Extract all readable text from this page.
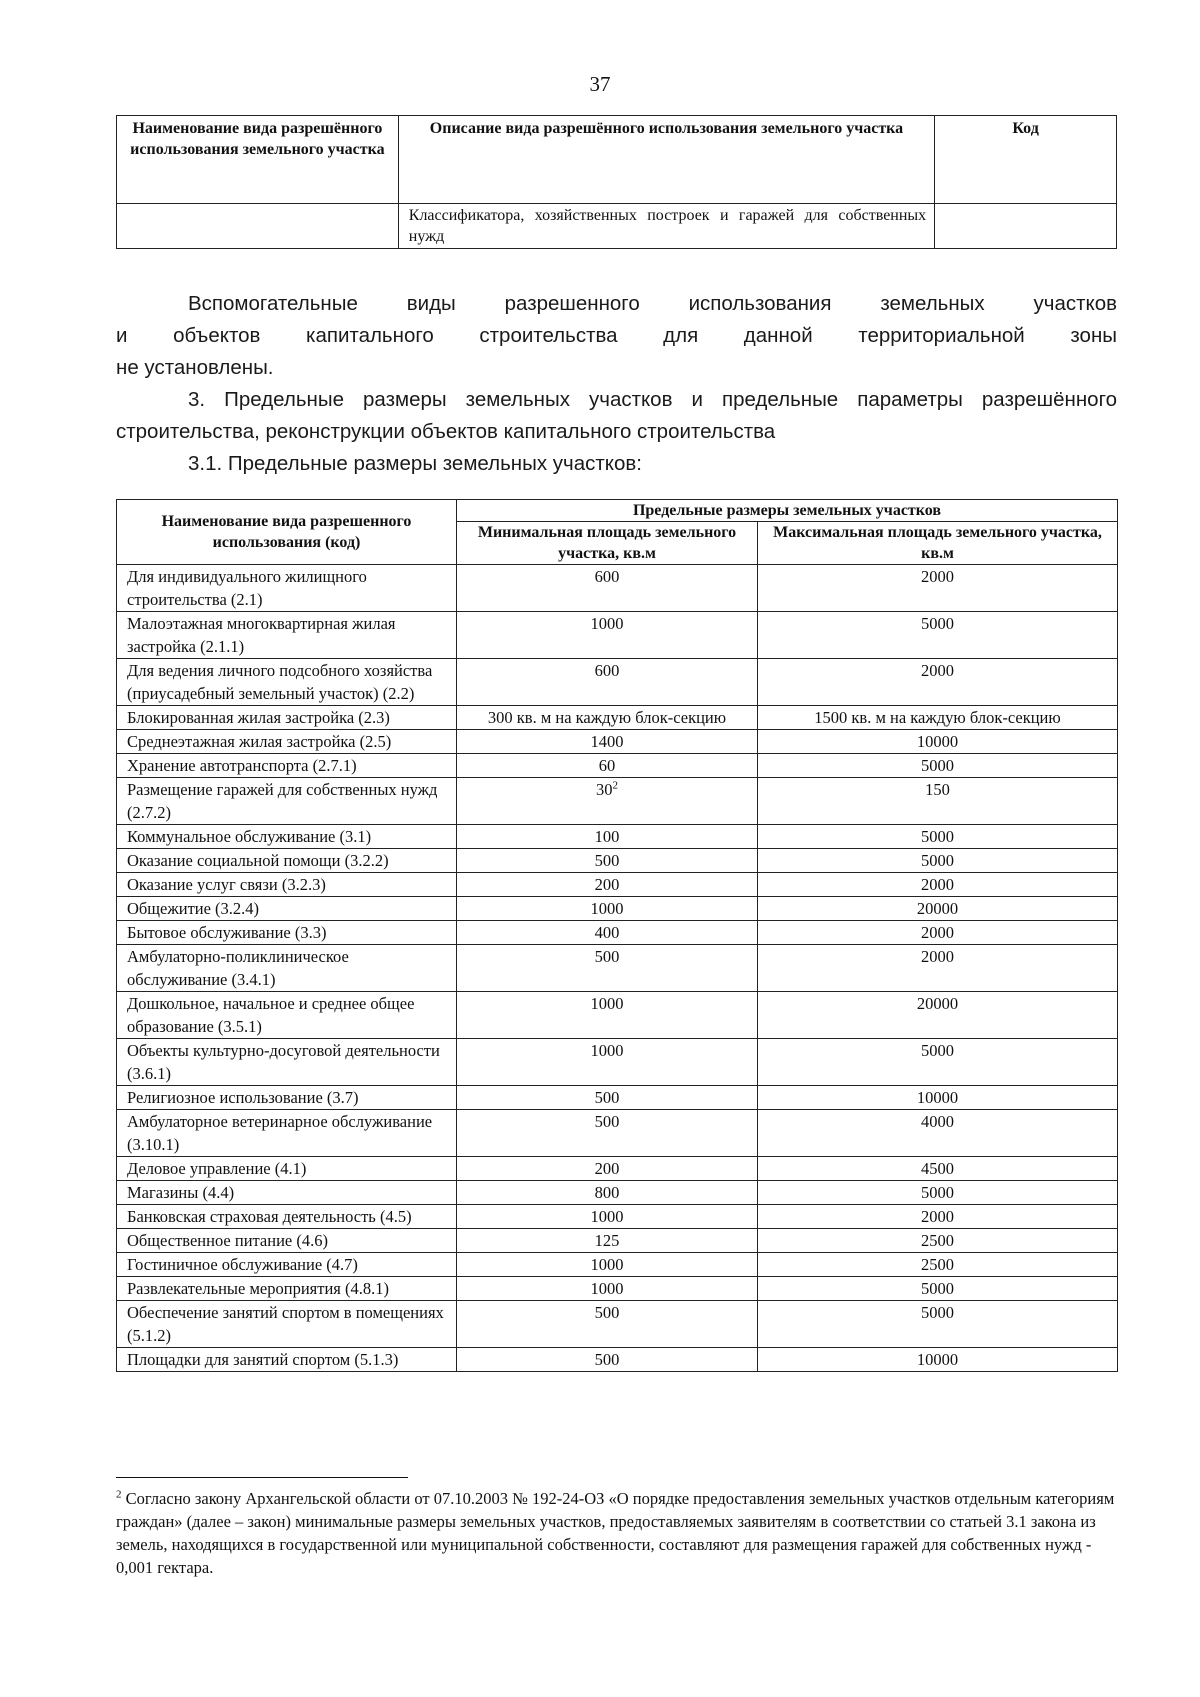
37
Наименование вида разрешённого использования земельного участка	Описание вида разрешённого использования земельного участка	Код
	Классификатора, хозяйственных построек и гаражей для собственных нужд	

Вспомогательные виды разрешенного использования земельных участков
и объектов капитального строительства для данной территориальной зоны
не установлены.

3. Предельные размеры земельных участков и предельные параметры разрешённого строительства, реконструкции объектов капитального строительства

3.1. Предельные размеры земельных участков:

Наименование вида разрешенного использования (код)	Предельные размеры земельных участков	
	Минимальная площадь земельного участка, кв.м	Максимальная площадь земельного участка, кв.м
Для индивидуального жилищного строительства (2.1)	600	2000
Малоэтажная многоквартирная жилая застройка (2.1.1)	1000	5000
Для ведения личного подсобного хозяйства (приусадебный земельный участок) (2.2)	600	2000
Блокированная жилая застройка (2.3)	300 кв. м на каждую блок-секцию	1500 кв. м на каждую блок-секцию
Среднеэтажная жилая застройка (2.5)	1400	10000
Хранение автотранспорта (2.7.1)	60	5000
Размещение гаражей для собственных нужд (2.7.2)	$30^2$	150
Коммунальное обслуживание (3.1)	100	5000
Оказание социальной помощи (3.2.2)	500	5000
Оказание услуг связи (3.2.3)	200	2000
Общежитие (3.2.4)	1000	20000
Бытовое обслуживание (3.3)	400	2000
Амбулаторно-поликлиническое обслуживание (3.4.1)	500	2000
Дошкольное, начальное и среднее общее образование (3.5.1)	1000	20000
Объекты культурно-досуговой деятельности (3.6.1)	1000	5000
Религиозное использование (3.7)	500	10000
Амбулаторное ветеринарное обслуживание (3.10.1)	500	4000
Деловое управление (4.1)	200	4500
Магазины (4.4)	800	5000
Банковская страховая деятельность (4.5)	1000	2000
Общественное питание (4.6)	125	2500
Гостиничное обслуживание (4.7)	1000	2500
Развлекательные мероприятия (4.8.1)	1000	5000
Обеспечение занятий спортом в помещениях (5.1.2)	500	5000
Площадки для занятий спортом (5.1.3)	500	10000

$^2$ Согласно закону Архангельской области от 07.10.2003 № 192-24-ОЗ «О порядке предоставления земельных участков отдельным категориям граждан» (далее – закон) минимальные размеры земельных участков, предоставляемых заявителям в соответствии со статьей 3.1 закона из земель, находящихся в государственной или муниципальной собственности, составляют для размещения гаражей для собственных нужд - 0,001 гектара.
